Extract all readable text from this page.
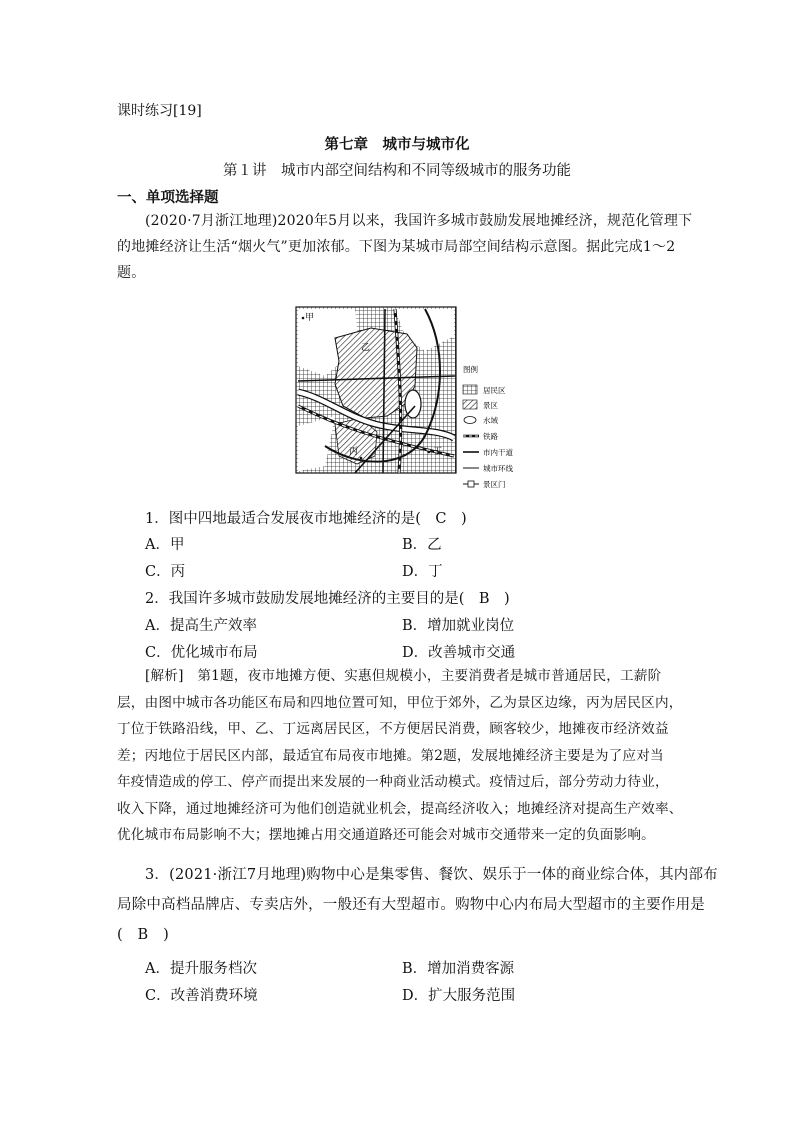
课时练习[19]
第七章　城市与城市化
第１讲　城市内部空间结构和不同等级城市的服务功能
一、单项选择题
(2020·7月浙江地理)2020年5月以来，我国许多城市鼓励发展地摊经济，规范化管理下
的地摊经济让生活“烟火气”更加浓郁。下图为某城市局部空间结构示意图。据此完成1～2
题。
甲
乙
丙	丁
图例
居民区
景区
水域
铁路
市内干道
城市环线
景区门
1．图中四地最适合发展夜市地摊经济的是(　C　)
A．甲	B．乙
C．丙	D．丁
2．我国许多城市鼓励发展地摊经济的主要目的是(　B　)
A．提高生产效率	B．增加就业岗位
C．优化城市布局	D．改善城市交通
[解析]　第1题，夜市地摊方便、实惠但规模小，主要消费者是城市普通居民，工薪阶
层，由图中城市各功能区布局和四地位置可知，甲位于郊外，乙为景区边缘，丙为居民区内，
丁位于铁路沿线，甲、乙、丁远离居民区，不方便居民消费，顾客较少，地摊夜市经济效益
差；丙地位于居民区内部，最适宜布局夜市地摊。第2题，发展地摊经济主要是为了应对当
年疫情造成的停工、停产而提出来发展的一种商业活动模式。疫情过后，部分劳动力待业，
收入下降，通过地摊经济可为他们创造就业机会，提高经济收入；地摊经济对提高生产效率、
优化城市布局影响不大；摆地摊占用交通道路还可能会对城市交通带来一定的负面影响。
3．(2021·浙江7月地理)购物中心是集零售、餐饮、娱乐于一体的商业综合体，其内部布
局除中高档品牌店、专卖店外，一般还有大型超市。购物中心内布局大型超市的主要作用是
(　B　)
A．提升服务档次	B．增加消费客源
C．改善消费环境	D．扩大服务范围
